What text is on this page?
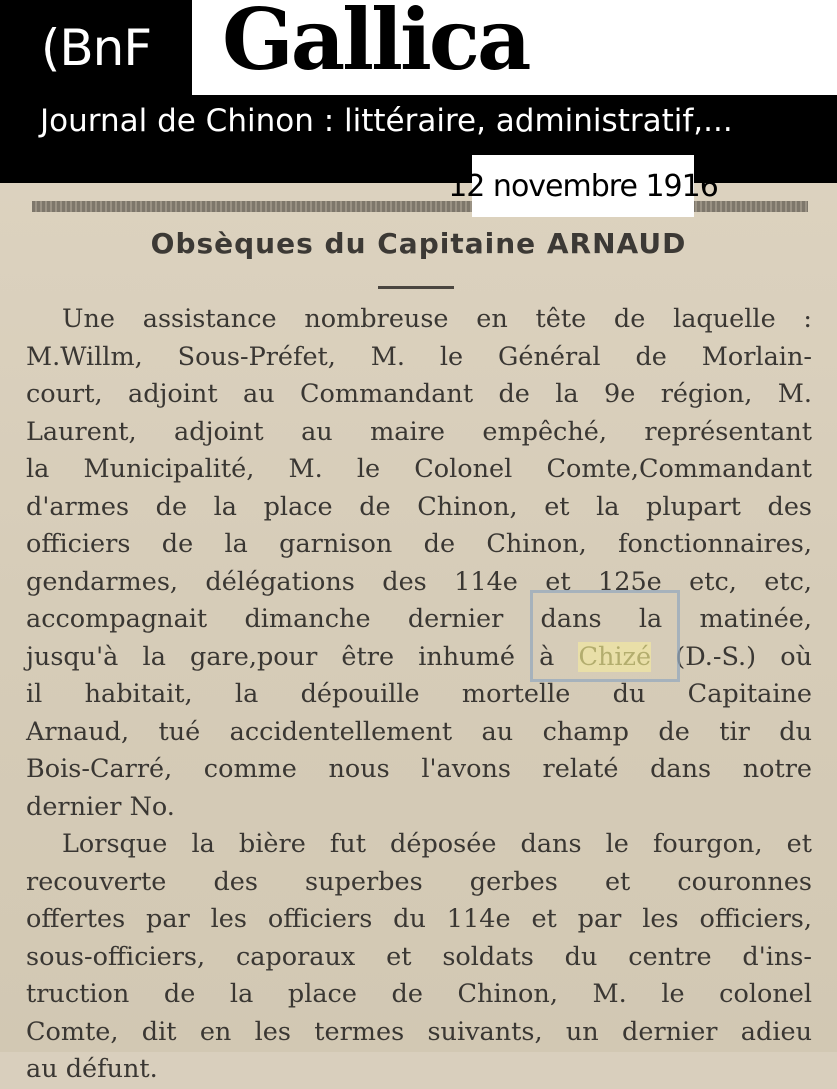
(BnF Gallica
Journal de Chinon : littéraire, administratif,...
12 novembre 1916
Obsèques du Capitaine ARNAUD
Une assistance nombreuse en tête de laquelle :
M.Willm, Sous-Préfet, M. le Général de Morlain-
court, adjoint au Commandant de la 9e région, M.
Laurent, adjoint au maire empêché, représentant
la Municipalité, M. le Colonel Comte,Commandant
d'armes de la place de Chinon, et la plupart des
officiers de la garnison de Chinon, fonctionnaires,
gendarmes, délégations des 114e et 125e etc, etc,
accompagnait dimanche dernier dans la matinée,
jusqu'à la gare,pour être inhumé à Chizé (D.-S.) où
il habitait, la dépouille mortelle du Capitaine
Arnaud, tué accidentellement au champ de tir du
Bois-Carré, comme nous l'avons relaté dans notre
dernier No.
Lorsque la bière fut déposée dans le fourgon, et
recouverte des superbes gerbes et couronnes
offertes par les officiers du 114e et par les officiers,
sous-officiers, caporaux et soldats du centre d'ins-
truction de la place de Chinon, M. le colonel
Comte, dit en les termes suivants, un dernier adieu
au défunt.
